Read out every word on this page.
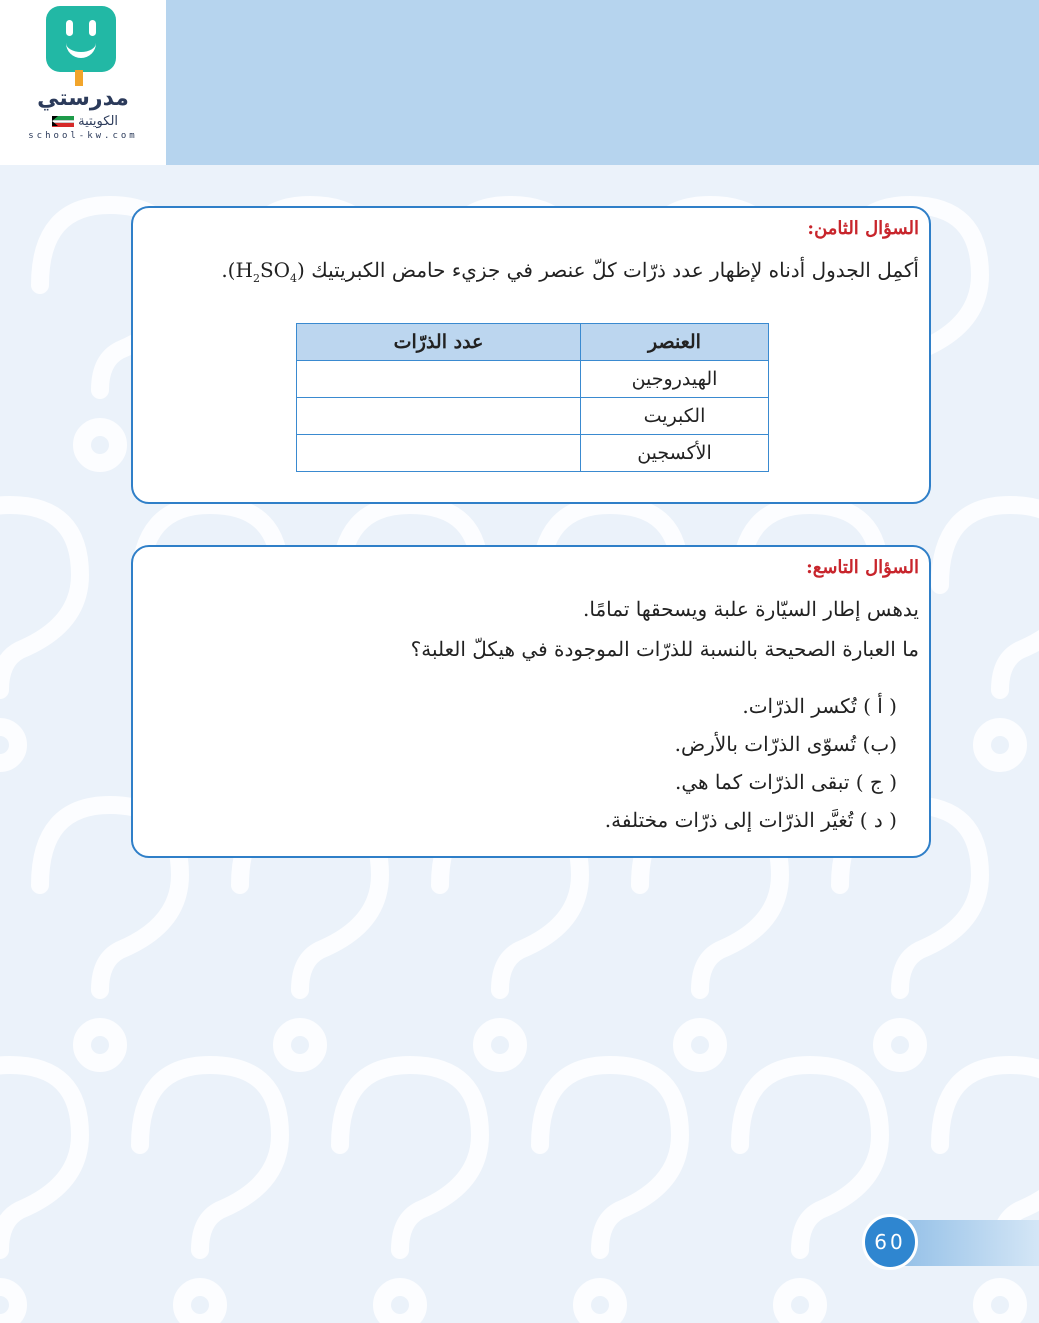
مدرستي
الكويتية
school-kw.com
السؤال الثامن:
أكمِل الجدول أدناه لإظهار عدد ذرّات كلّ عنصر في جزيء حامض الكبريتيك $(H_2SO_4)$.
العنصر	عدد الذرّات
الهيدروجين	
الكبريت	
الأكسجين	
السؤال التاسع:
يدهس إطار السيّارة علبة ويسحقها تمامًا.
ما العبارة الصحيحة بالنسبة للذرّات الموجودة في هيكلّ العلبة؟
( أ ) تُكسر الذرّات.
(ب) تُسوّى الذرّات بالأرض.
( ج ) تبقى الذرّات كما هي.
( د ) تُغيَّر الذرّات إلى ذرّات مختلفة.
60
